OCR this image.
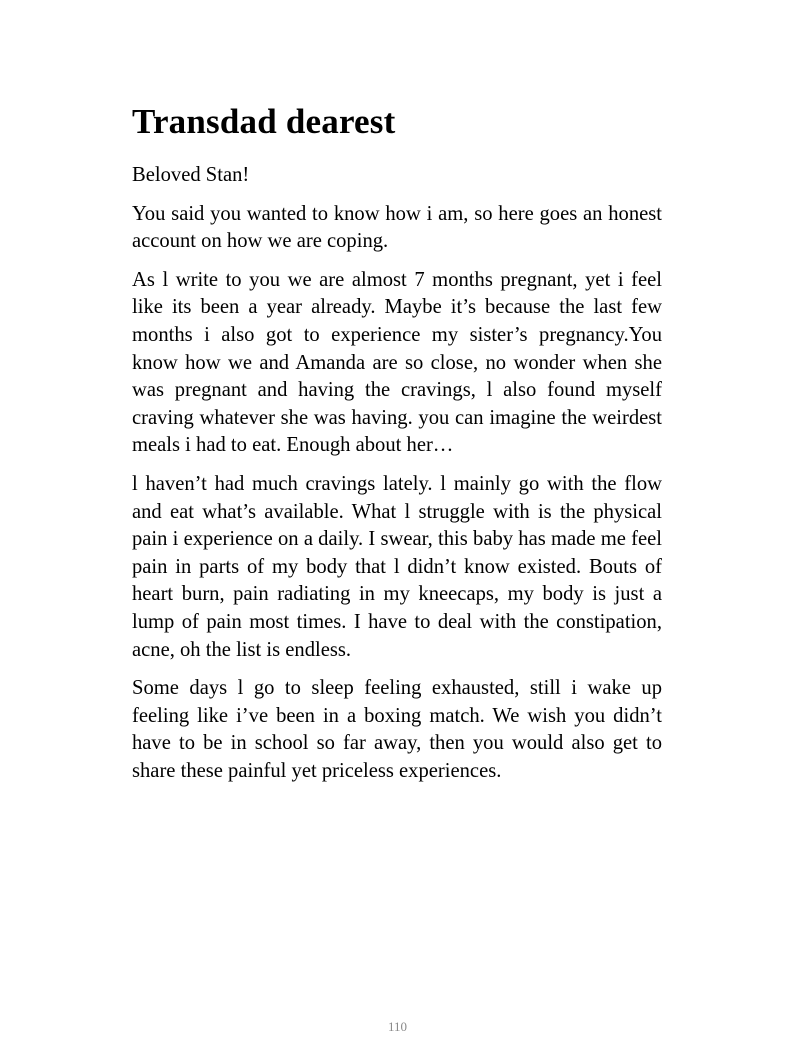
Transdad dearest

Beloved Stan!

You said you wanted to know how i am, so here goes an honest account on how we are coping.

As l write to you we are almost 7 months pregnant, yet i feel like its been a year already. Maybe it’s because the last few months i also got to experience my sister’s pregnancy.You know how we and Amanda are so close, no wonder when she was pregnant and having the cravings, l also found myself craving whatever she was having. you can imagine the weirdest meals i had to eat. Enough about her…

l haven’t had much cravings lately. l mainly go with the flow and eat what’s available. What l struggle with is the physical pain i experience on a daily. I swear, this baby has made me feel pain in parts of my body that l didn’t know existed. Bouts of heart burn, pain radiating in my kneecaps, my body is just a lump of pain most times. I have to deal with the constipation, acne, oh the list is endless.

Some days l go to sleep feeling exhausted, still i wake up feeling like i’ve been in a boxing match. We wish you didn’t have to be in school so far away, then you would also get to share these painful yet priceless experiences.

110
